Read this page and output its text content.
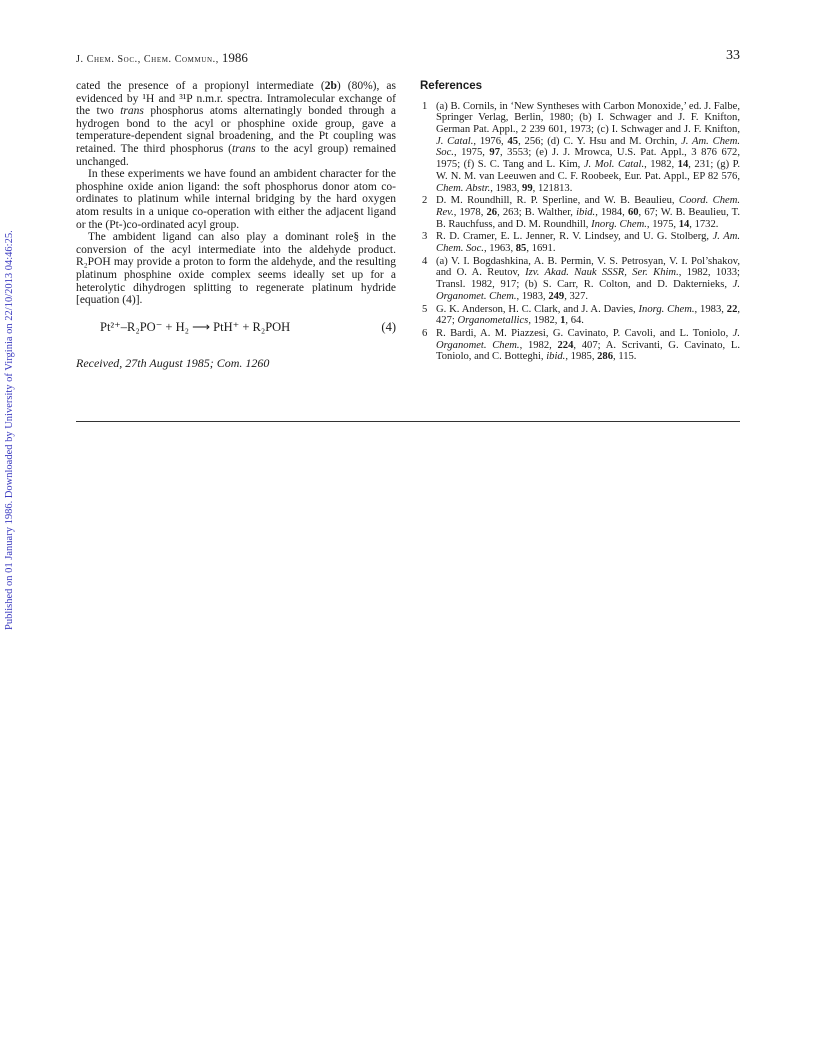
Published on 01 January 1986. Downloaded by University of Virginia on 22/10/2013 04:46:25.
J. Chem. Soc., Chem. Commun., 1986	33

cated the presence of a propionyl intermediate (2b) (80%), as evidenced by ¹H and ³¹P n.m.r. spectra. Intramolecular exchange of the two trans phosphorus atoms alternatingly bonded through a hydrogen bond to the acyl or phosphine oxide group, gave a temperature-dependent signal broadening, and the Pt coupling was retained. The third phosphorus (trans to the acyl group) remained unchanged.

In these experiments we have found an ambident character for the phosphine oxide anion ligand: the soft phosphorus donor atom co-ordinates to platinum while internal bridging by the hard oxygen atom results in a unique co-operation with either the adjacent ligand or the (Pt-)co-ordinated acyl group.

The ambident ligand can also play a dominant role§ in the conversion of the acyl intermediate into the aldehyde product. R₂POH may provide a proton to form the aldehyde, and the resulting platinum phosphine oxide complex seems ideally set up for a heterolytic dihydrogen splitting to regenerate platinum hydride [equation (4)].

Pt²⁺–R₂PO⁻ + H₂ ⟶ PtH⁺ + R₂POH	(4)
Received, 27th August 1985; Com. 1260
References
1 (a) B. Cornils, in ‘New Syntheses with Carbon Monoxide,’ ed. J. Falbe, Springer Verlag, Berlin, 1980; (b) I. Schwager and J. F. Knifton, German Pat. Appl., 2 239 601, 1973; (c) I. Schwager and J. F. Knifton, J. Catal., 1976, 45, 256; (d) C. Y. Hsu and M. Orchin, J. Am. Chem. Soc., 1975, 97, 3553; (e) J. J. Mrowca, U.S. Pat. Appl., 3 876 672, 1975; (f) S. C. Tang and L. Kim, J. Mol. Catal., 1982, 14, 231; (g) P. W. N. M. van Leeuwen and C. F. Roobeek, Eur. Pat. Appl., EP 82 576, Chem. Abstr., 1983, 99, 121813.
2 D. M. Roundhill, R. P. Sperline, and W. B. Beaulieu, Coord. Chem. Rev., 1978, 26, 263; B. Walther, ibid., 1984, 60, 67; W. B. Beaulieu, T. B. Rauchfuss, and D. M. Roundhill, Inorg. Chem., 1975, 14, 1732.
3 R. D. Cramer, E. L. Jenner, R. V. Lindsey, and U. G. Stolberg, J. Am. Chem. Soc., 1963, 85, 1691.
4 (a) V. I. Bogdashkina, A. B. Permin, V. S. Petrosyan, V. I. Pol’shakov, and O. A. Reutov, Izv. Akad. Nauk SSSR, Ser. Khim., 1982, 1033; Transl. 1982, 917; (b) S. Carr, R. Colton, and D. Dakternieks, J. Organomet. Chem., 1983, 249, 327.
5 G. K. Anderson, H. C. Clark, and J. A. Davies, Inorg. Chem., 1983, 22, 427; Organometallics, 1982, 1, 64.
6 R. Bardi, A. M. Piazzesi, G. Cavinato, P. Cavoli, and L. Toniolo, J. Organomet. Chem., 1982, 224, 407; A. Scrivanti, G. Cavinato, L. Toniolo, and C. Botteghi, ibid., 1985, 286, 115.
